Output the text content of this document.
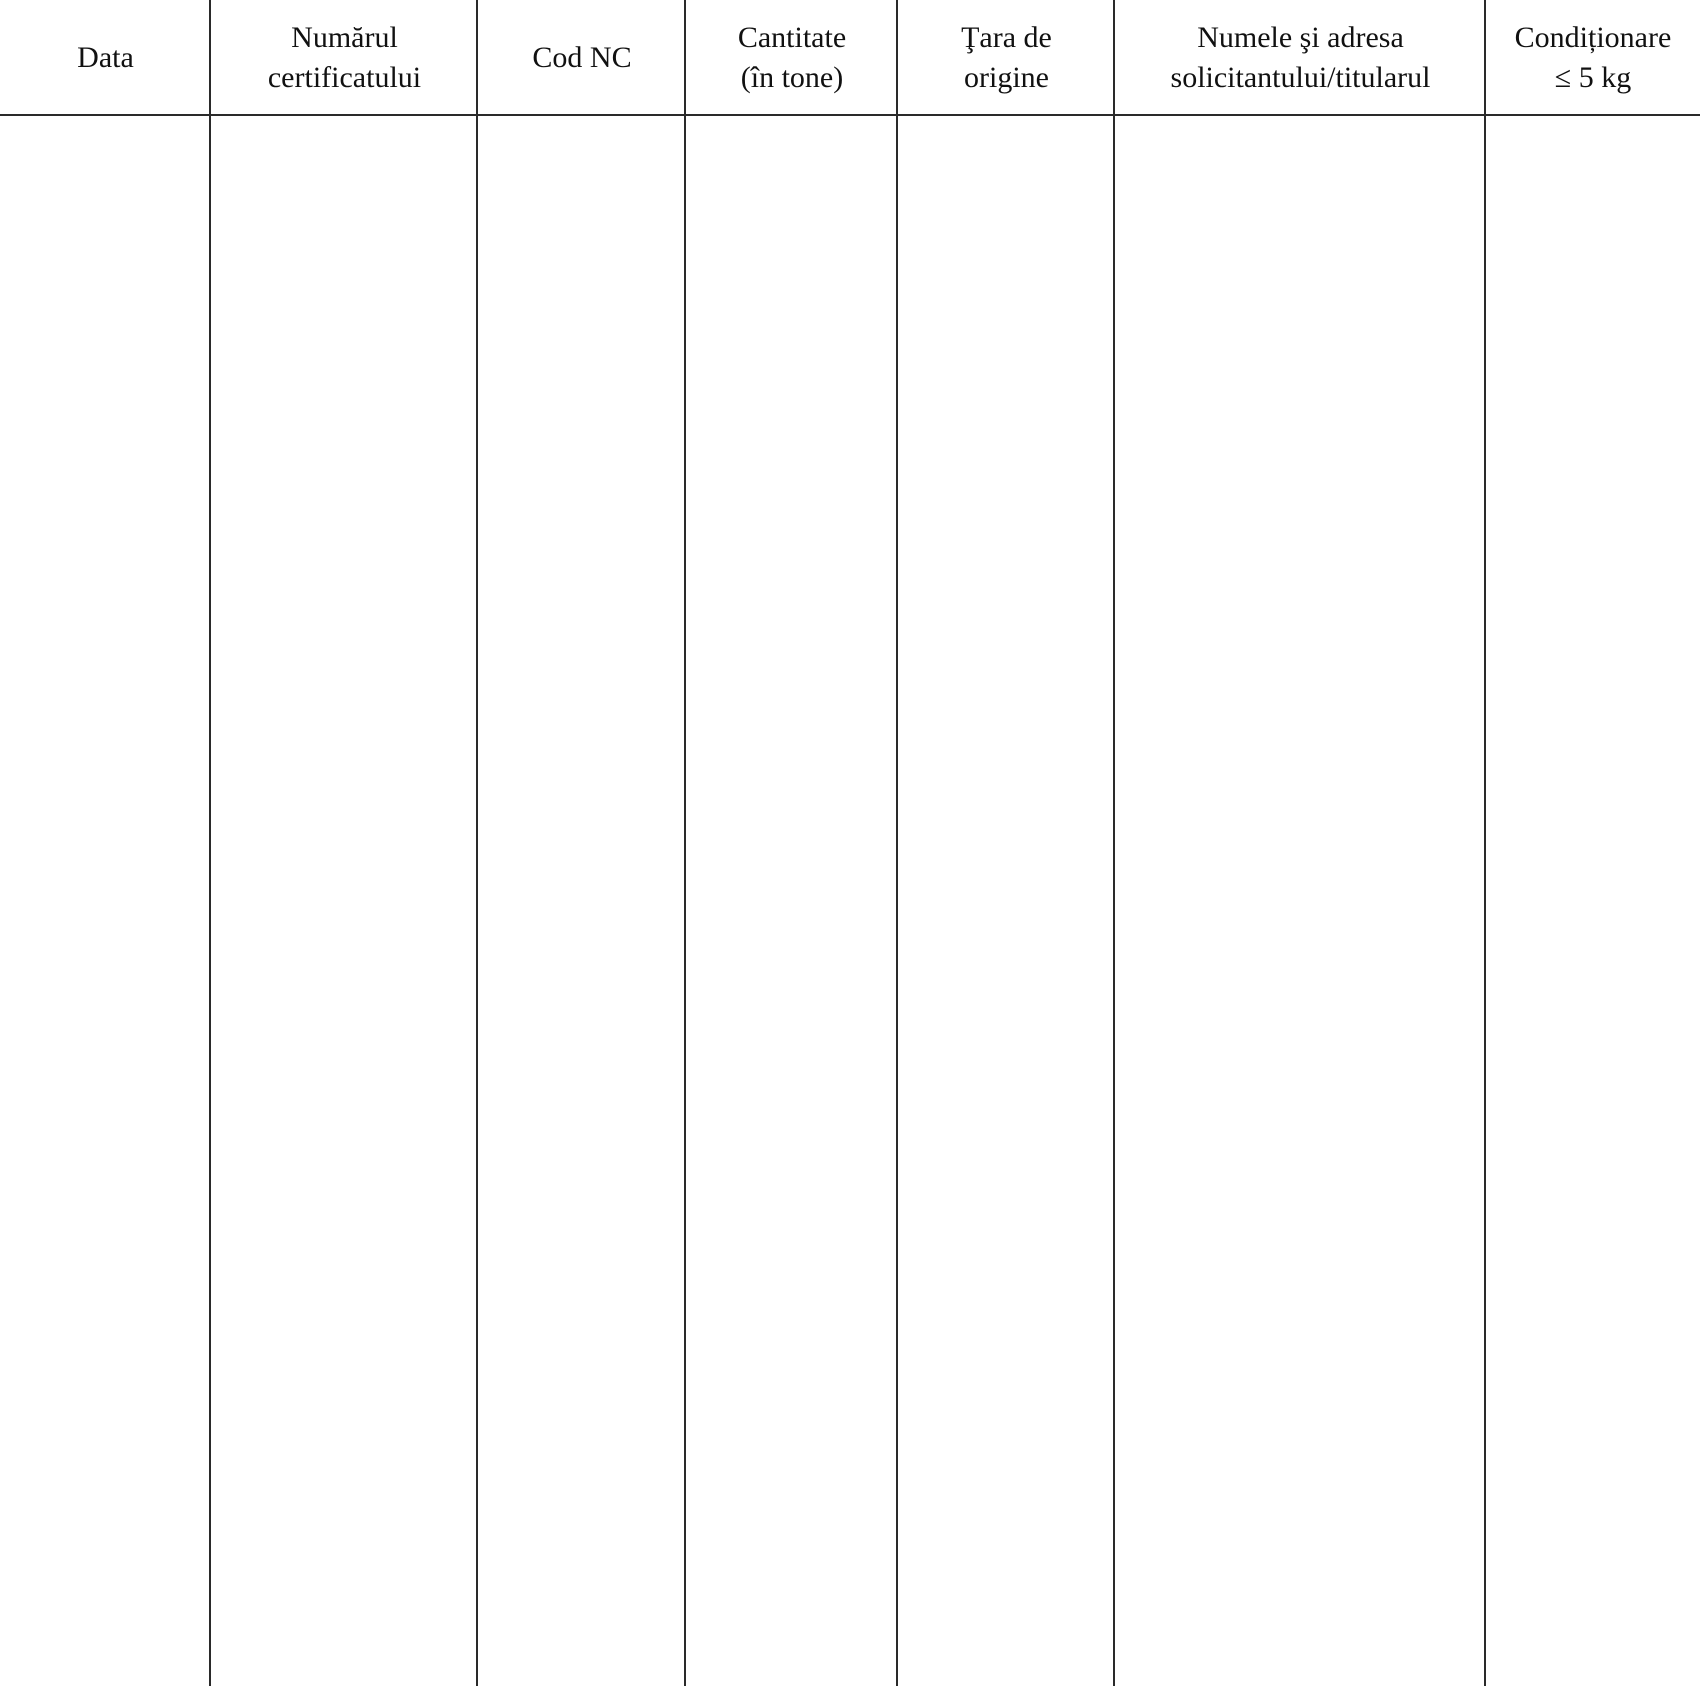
Data
Numărul
certificatului
Cod NC
Cantitate
(în tone)
Ţara de
origine
Numele şi adresa
solicitantului/titularul
Condiționare
≤ 5 kg
